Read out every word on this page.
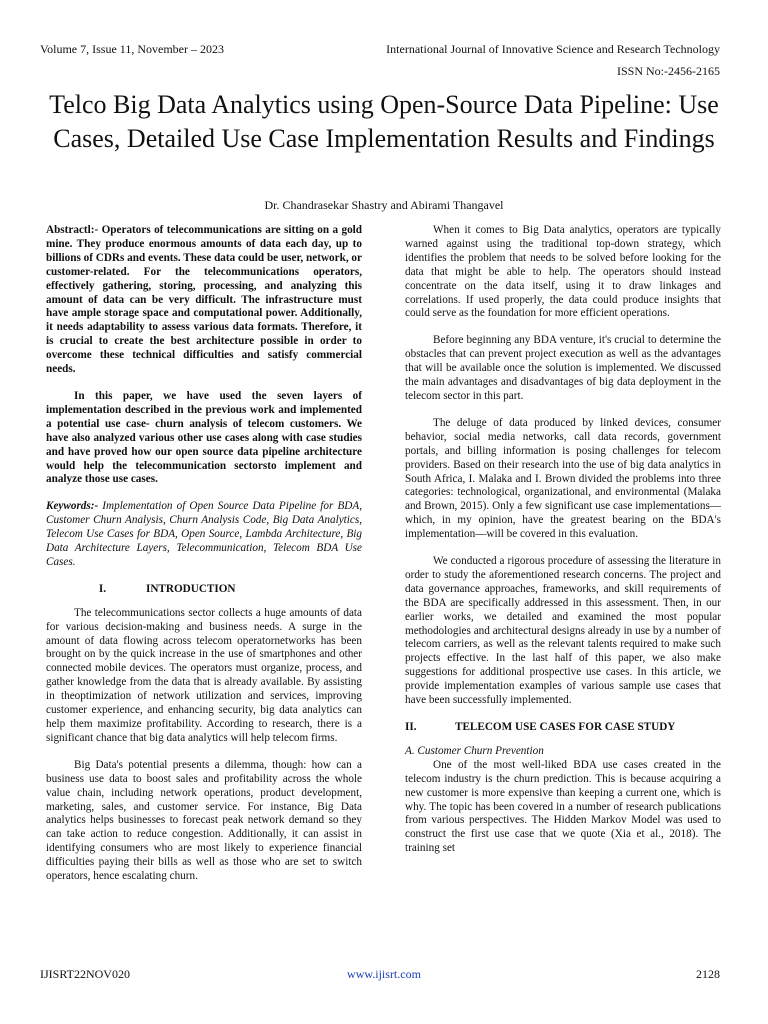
Volume 7, Issue 11, November – 2023	International Journal of Innovative Science and Research Technology
ISSN No:-2456-2165
Telco Big Data Analytics using Open-Source Data Pipeline: Use Cases, Detailed Use Case Implementation Results and Findings
Dr. Chandrasekar Shastry and Abirami Thangavel

Abstractl:- Operators of telecommunications are sitting on a gold mine. They produce enormous amounts of data each day, up to billions of CDRs and events. These data could be user, network, or customer-related. For the telecommunications operators, effectively gathering, storing, processing, and analyzing this amount of data can be very difficult. The infrastructure must have ample storage space and computational power. Additionally, it needs adaptability to assess various data formats. Therefore, it is crucial to create the best architecture possible in order to overcome these technical difficulties and satisfy commercial needs.

In this paper, we have used the seven layers of implementation described in the previous work and implemented a potential use case- churn analysis of telecom customers. We have also analyzed various other use cases along with case studies and have proved how our open source data pipeline architecture would help the telecommunication sectorsto implement and analyze those use cases.

Keywords:- Implementation of Open Source Data Pipeline for BDA, Customer Churn Analysis, Churn Analysis Code, Big Data Analytics, Telecom Use Cases for BDA, Open Source, Lambda Architecture, Big Data Architecture Layers, Telecommunication, Telecom BDA Use Cases.

I.	INTRODUCTION

The telecommunications sector collects a huge amounts of data for various decision-making and business needs. A surge in the amount of data flowing across telecom operatornetworks has been brought on by the quick increase in the use of smartphones and other connected mobile devices. The operators must organize, process, and gather knowledge from the data that is already available. By assisting in theoptimization of network utilization and services, improving customer experience, and enhancing security, big data analytics can help them maximize profitability. According to research, there is a significant chance that big data analytics will help telecom firms.

Big Data's potential presents a dilemma, though: how can a business use data to boost sales and profitability across the whole value chain, including network operations, product development, marketing, sales, and customer service. For instance, Big Data analytics helps businesses to forecast peak network demand so they can take action to reduce congestion. Additionally, it can assist in identifying consumers who are most likely to experience financial difficulties paying their bills as well as those who are set to switch operators, hence escalating churn.

When it comes to Big Data analytics, operators are typically warned against using the traditional top-down strategy, which identifies the problem that needs to be solved before looking for the data that might be able to help. The operators should instead concentrate on the data itself, using it to draw linkages and correlations. If used properly, the data could produce insights that could serve as the foundation for more efficient operations.

Before beginning any BDA venture, it's crucial to determine the obstacles that can prevent project execution as well as the advantages that will be available once the solution is implemented. We discussed the main advantages and disadvantages of big data deployment in the telecom sector in this part.

The deluge of data produced by linked devices, consumer behavior, social media networks, call data records, government portals, and billing information is posing challenges for telecom providers. Based on their research into the use of big data analytics in South Africa, I. Malaka and I. Brown divided the problems into three categories: technological, organizational, and environmental (Malaka and Brown, 2015). Only a few significant use case implementations—which, in my opinion, have the greatest bearing on the BDA's implementation—will be covered in this evaluation.

We conducted a rigorous procedure of assessing the literature in order to study the aforementioned research concerns. The project and data governance approaches, frameworks, and skill requirements of the BDA are specifically addressed in this assessment. Then, in our earlier works, we detailed and examined the most popular methodologies and architectural designs already in use by a number of telecom carriers, as well as the relevant talents required to make such projects effective. In the last half of this paper, we also make suggestions for additional prospective use cases. In this article, we provide implementation examples of various sample use cases that have been successfully implemented.

II.	TELECOM USE CASES FOR CASE STUDY
A. Customer Churn Prevention

One of the most well-liked BDA use cases created in the telecom industry is the churn prediction. This is because acquiring a new customer is more expensive than keeping a current one, which is why. The topic has been covered in a number of research publications from various perspectives. The Hidden Markov Model was used to construct the first use case that we quote (Xia et al., 2018). The training set

IJISRT22NOV020	www.ijisrt.com	2128
